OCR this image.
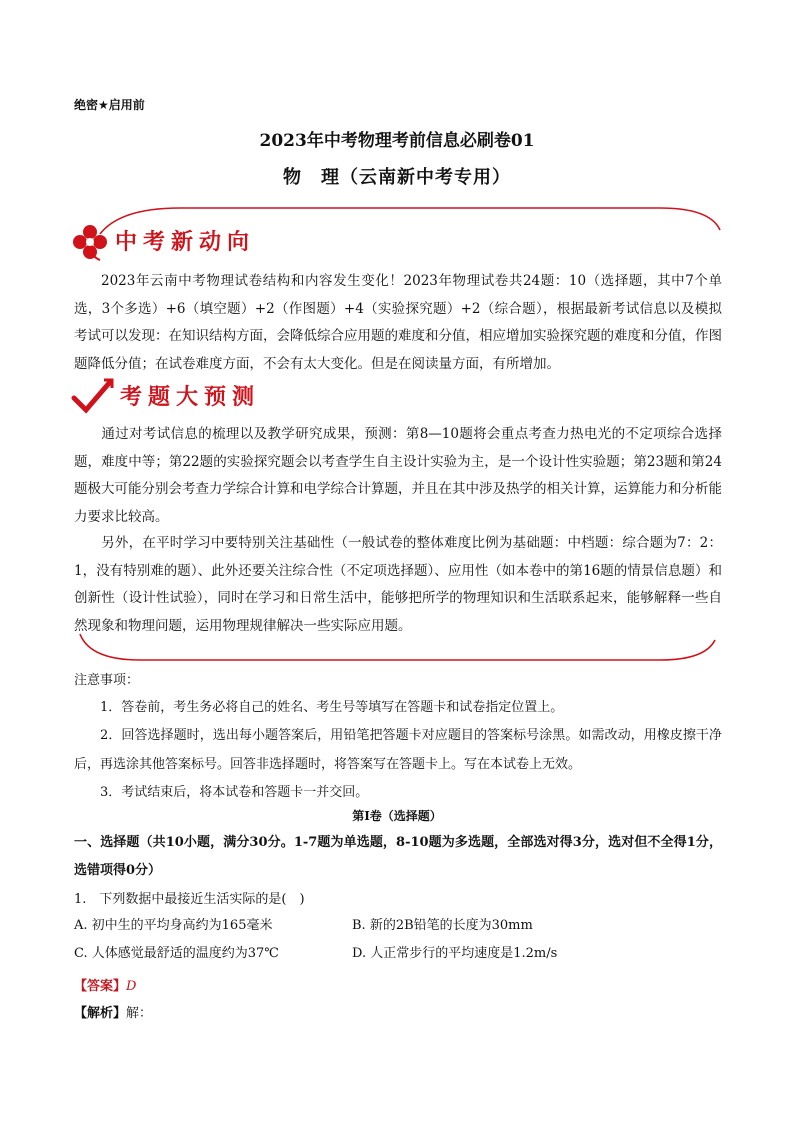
绝密★启用前
2023年中考物理考前信息必刷卷01
物　理（云南新中考专用）
中考新动向
2023年云南中考物理试卷结构和内容发生变化！2023年物理试卷共24题：10（选择题，其中7个单选，3个多选）+6（填空题）+2（作图题）+4（实验探究题）+2（综合题），根据最新考试信息以及模拟考试可以发现：在知识结构方面，会降低综合应用题的难度和分值，相应增加实验探究题的难度和分值，作图题降低分值；在试卷难度方面，不会有太大变化。但是在阅读量方面，有所增加。
考题大预测
通过对考试信息的梳理以及教学研究成果，预测：第8—10题将会重点考查力热电光的不定项综合选择题，难度中等；第22题的实验探究题会以考查学生自主设计实验为主，是一个设计性实验题；第23题和第24题极大可能分别会考查力学综合计算和电学综合计算题，并且在其中涉及热学的相关计算，运算能力和分析能力要求比较高。
另外，在平时学习中要特别关注基础性（一般试卷的整体难度比例为基础题：中档题：综合题为7：2：1，没有特别难的题）、此外还要关注综合性（不定项选择题）、应用性（如本卷中的第16题的情景信息题）和创新性（设计性试验），同时在学习和日常生活中，能够把所学的物理知识和生活联系起来，能够解释一些自然现象和物理问题，运用物理规律解决一些实际应用题。
注意事项：
1．答卷前，考生务必将自己的姓名、考生号等填写在答题卡和试卷指定位置上。
2．回答选择题时，选出每小题答案后，用铅笔把答题卡对应题目的答案标号涂黑。如需改动，用橡皮擦干净后，再选涂其他答案标号。回答非选择题时，将答案写在答题卡上。写在本试卷上无效。
3．考试结束后，将本试卷和答题卡一并交回。
第Ⅰ卷（选择题）
一、选择题（共10小题，满分30分。1-7题为单选题，8-10题为多选题，全部选对得3分，选对但不全得1分，选错项得0分）
1.　下列数据中最接近生活实际的是(　)
A. 初中生的平均身高约为165毫米	B. 新的2B铅笔的长度为30mm
C. 人体感觉最舒适的温度约为37℃	D. 人正常步行的平均速度是1.2m/s
【答案】D
【解析】解：
